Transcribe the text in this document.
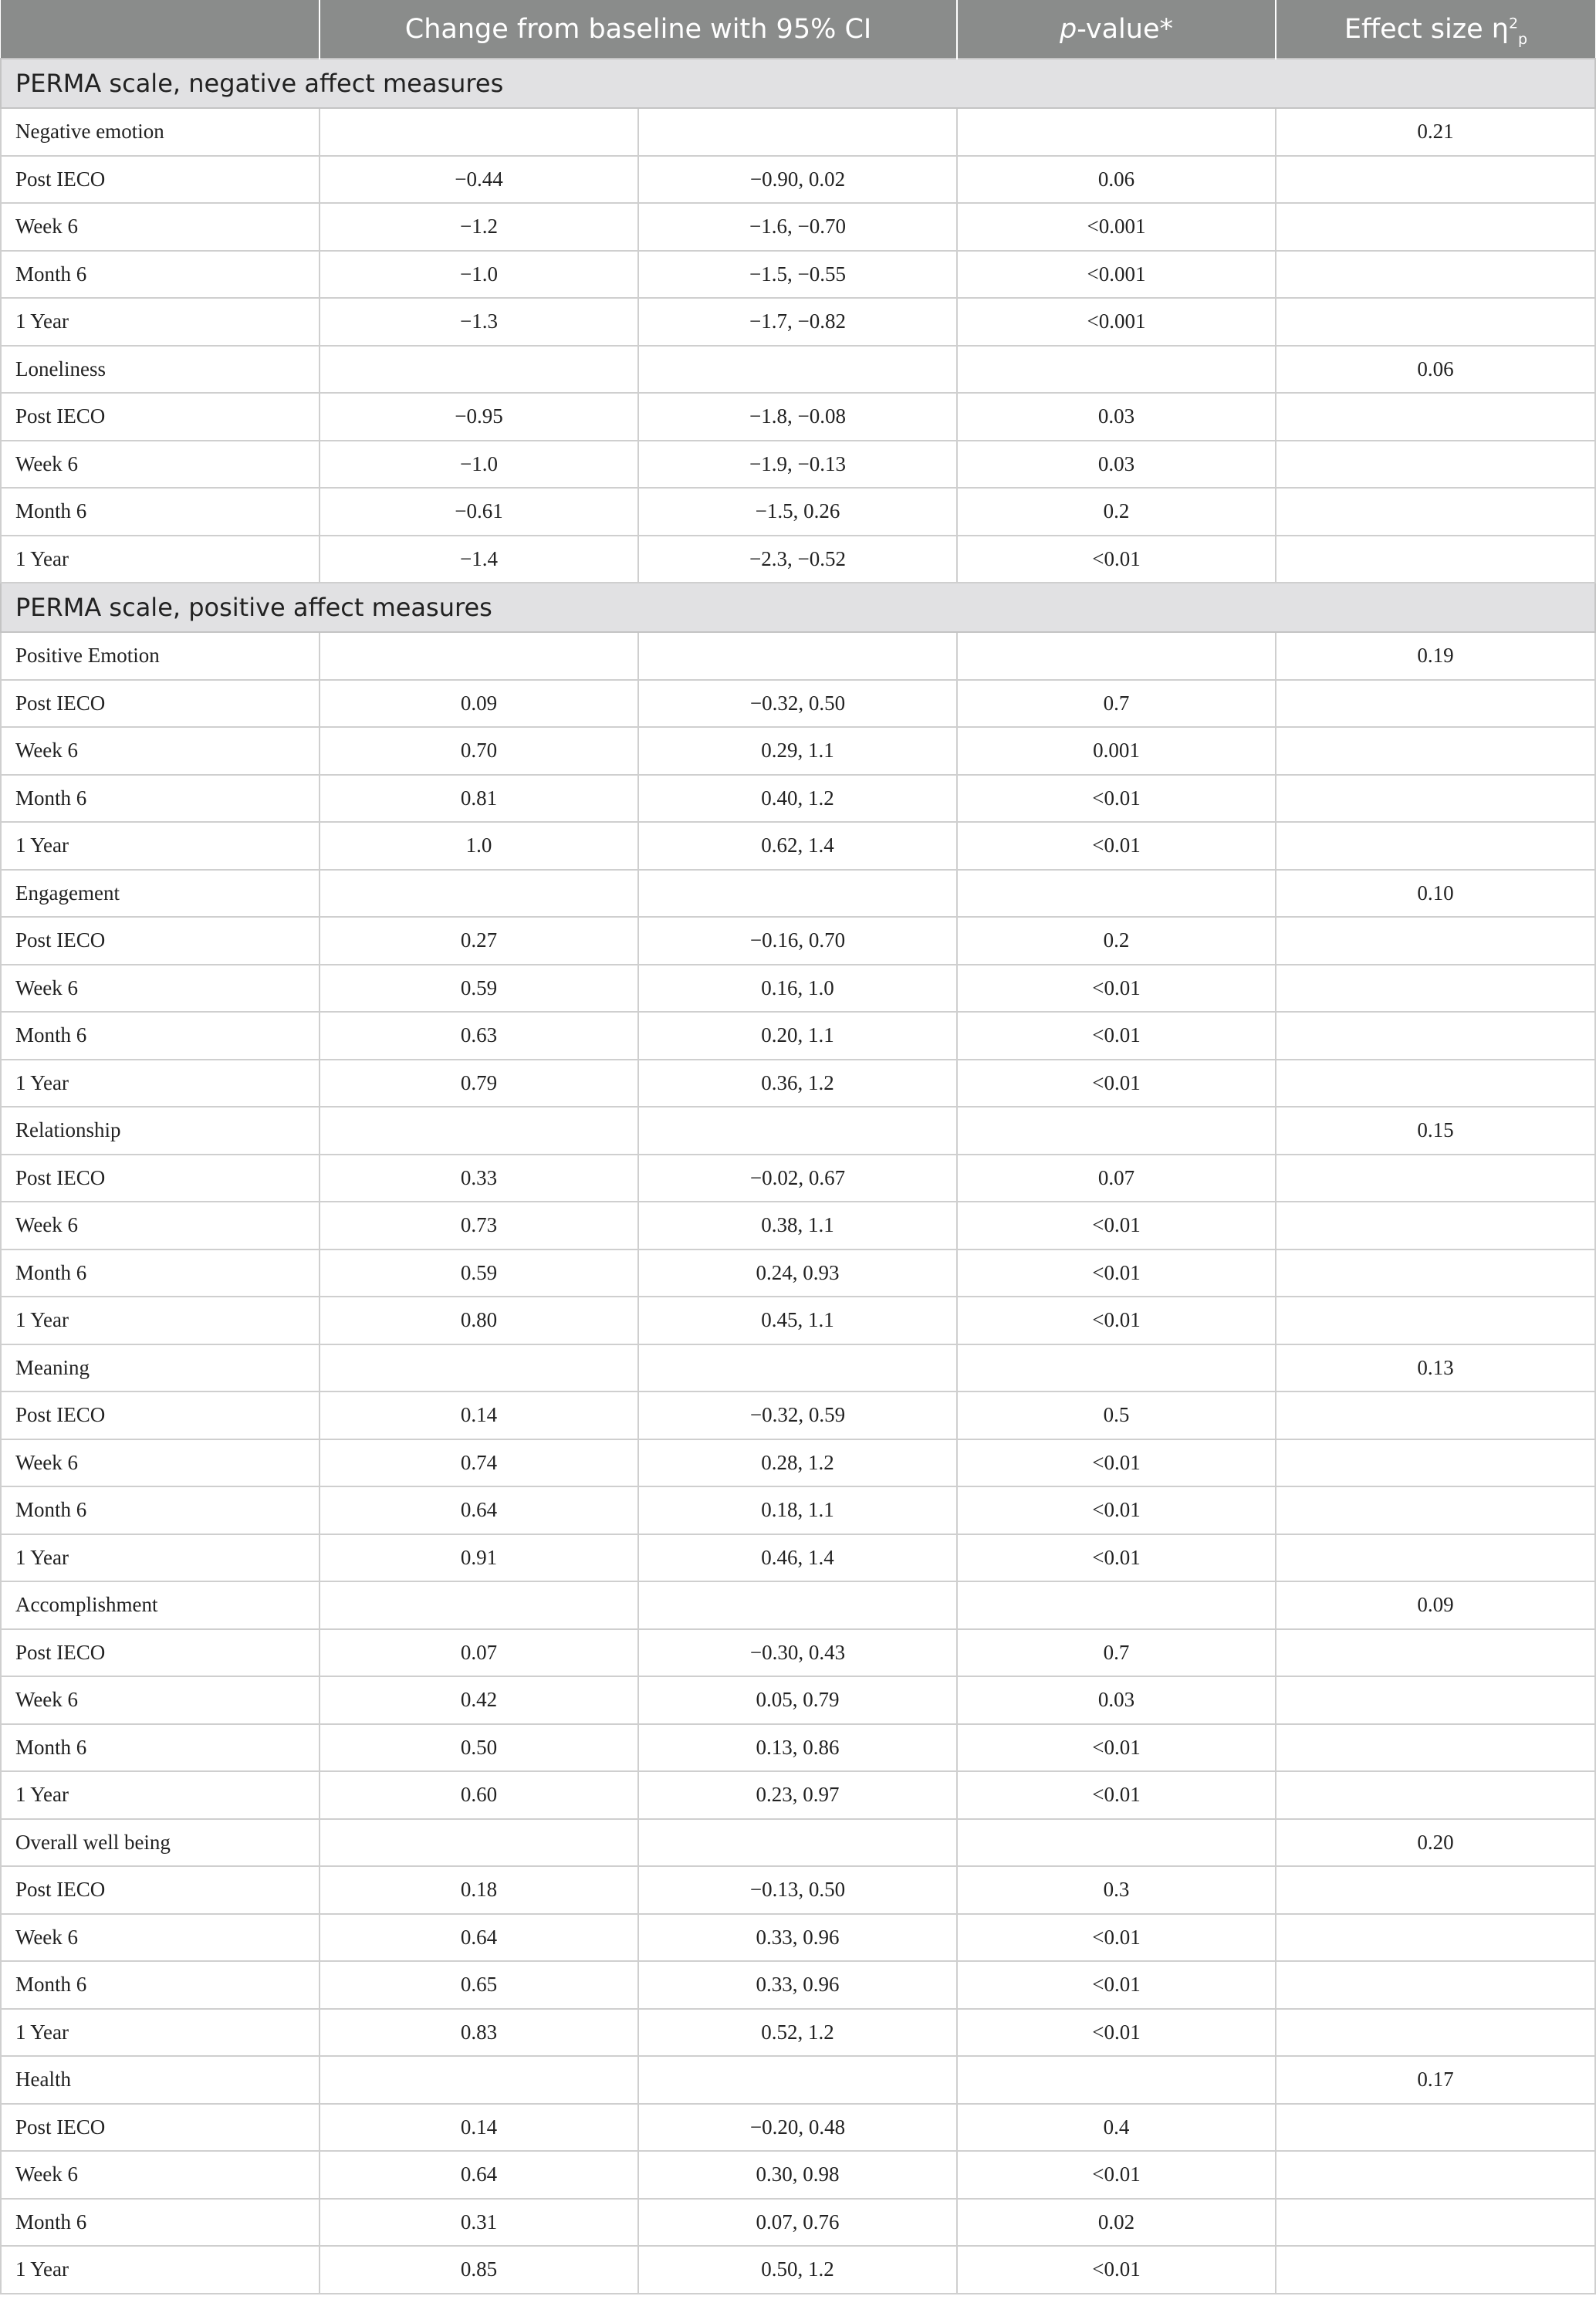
	Change from baseline with 95% CI		p-value*	Effect size $\eta^2_p$
PERMA scale, negative affect measures				
Negative emotion				0.21
Post IECO	−0.44	−0.90, 0.02	0.06	
Week 6	−1.2	−1.6, −0.70	<0.001	
Month 6	−1.0	−1.5, −0.55	<0.001	
1 Year	−1.3	−1.7, −0.82	<0.001	
Loneliness				0.06
Post IECO	−0.95	−1.8, −0.08	0.03	
Week 6	−1.0	−1.9, −0.13	0.03	
Month 6	−0.61	−1.5, 0.26	0.2	
1 Year	−1.4	−2.3, −0.52	<0.01	
PERMA scale, positive affect measures				
Positive Emotion				0.19
Post IECO	0.09	−0.32, 0.50	0.7	
Week 6	0.70	0.29, 1.1	0.001	
Month 6	0.81	0.40, 1.2	<0.01	
1 Year	1.0	0.62, 1.4	<0.01	
Engagement				0.10
Post IECO	0.27	−0.16, 0.70	0.2	
Week 6	0.59	0.16, 1.0	<0.01	
Month 6	0.63	0.20, 1.1	<0.01	
1 Year	0.79	0.36, 1.2	<0.01	
Relationship				0.15
Post IECO	0.33	−0.02, 0.67	0.07	
Week 6	0.73	0.38, 1.1	<0.01	
Month 6	0.59	0.24, 0.93	<0.01	
1 Year	0.80	0.45, 1.1	<0.01	
Meaning				0.13
Post IECO	0.14	−0.32, 0.59	0.5	
Week 6	0.74	0.28, 1.2	<0.01	
Month 6	0.64	0.18, 1.1	<0.01	
1 Year	0.91	0.46, 1.4	<0.01	
Accomplishment				0.09
Post IECO	0.07	−0.30, 0.43	0.7	
Week 6	0.42	0.05, 0.79	0.03	
Month 6	0.50	0.13, 0.86	<0.01	
1 Year	0.60	0.23, 0.97	<0.01	
Overall well being				0.20
Post IECO	0.18	−0.13, 0.50	0.3	
Week 6	0.64	0.33, 0.96	<0.01	
Month 6	0.65	0.33, 0.96	<0.01	
1 Year	0.83	0.52, 1.2	<0.01	
Health				0.17
Post IECO	0.14	−0.20, 0.48	0.4	
Week 6	0.64	0.30, 0.98	<0.01	
Month 6	0.31	0.07, 0.76	0.02	
1 Year	0.85	0.50, 1.2	<0.01	
